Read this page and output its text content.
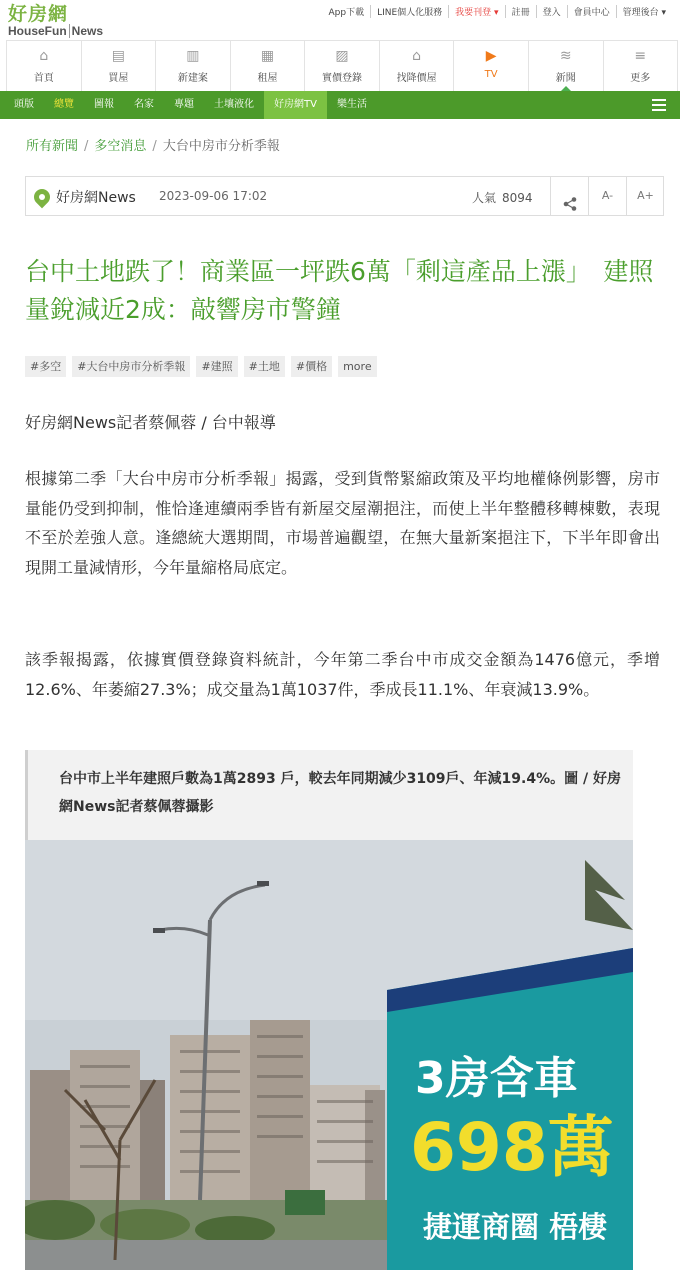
好房網
HouseFun News
App下載	LINE個人化服務	我要刊登 ▾	註冊	登入	會員中心	管理後台 ▾
⌂
首頁
▤
買屋
▥
新建案
▦
租屋
▨
實價登錄
⌂
找降價屋
▶
TV
≋
新聞
≡
更多
頭版	總覽	圖報	名家	專題	土壤液化	好房網TV	樂生活
所有新聞 / 多空消息 / 大台中房市分析季報
好房網News 2023-09-06 17:02	人氣 8094	A-	A+
台中土地跌了！商業區一坪跌6萬「剩這產品上漲」　建照量銳減近2成：敲響房市警鐘
#多空	#大台中房市分析季報	#建照	#土地	#價格	more
好房網News記者蔡佩蓉 / 台中報導

根據第二季「大台中房市分析季報」揭露，受到貨幣緊縮政策及平均地權條例影響，房市量能仍受到抑制，惟恰逢連續兩季皆有新屋交屋潮挹注，而使上半年整體移轉棟數，表現不至於差強人意。逢總統大選期間，市場普遍觀望，在無大量新案挹注下，下半年即會出現開工量減情形，今年量縮格局底定。

該季報揭露，依據實價登錄資料統計，今年第二季台中市成交金額為1476億元，季增12.6%、年萎縮27.3%；成交量為1萬1037件，季成長11.1%、年衰減13.9%。

台中市上半年建照戶數為1萬2893 戶，較去年同期減少3109戶、年減19.4%。圖 / 好房網News記者蔡佩蓉攝影
3房含車
698萬
捷運商圈 梧棲
